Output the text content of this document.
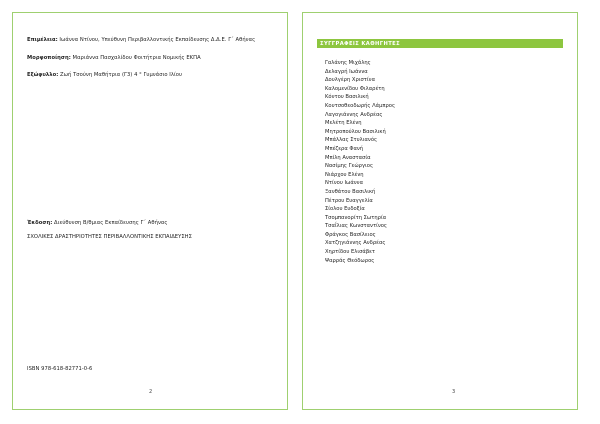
Επιμέλεια: Ιωάννα Ντίνου, Υπεύθυνη Περιβαλλοντικής Εκπαίδευσης Δ.Δ.Ε. Γ΄ Αθήνας
Μορφοποίηση: Μαριάννα Πασχαλίδου Φοιτήτρια Νομικής ΕΚΠΑ
Εξώφυλλο: Ζωή Τσούνη Μαθήτρια (Γ3) 4 ° Γυμνάσιο Ιλίου
Έκδοση: Διεύθυνση Β/θμιας Εκπαίδευσης Γ΄ Αθήνας
ΣΧΟΛΙΚΕΣ ΔΡΑΣΤΗΡΙΟΤΗΤΕΣ ΠΕΡΙΒΑΛΛΟΝΤΙΚΗΣ ΕΚΠΑΙΔΕΥΣΗΣ
ISBN 978-618-82771-0-6
2
ΣΥΓΓΡΑΦΕΙΣ ΚΑΘΗΓΗΤΕΣ
Γαλάνης Μιχάλης
Δελαγρή Ιωάννα
Δουλγέρη Χριστίνα
Καλομενίδου Φιλαρέτη
Κόντου Βασιλική
Κουτσοθεοδωρής Λάμπρος
Λαγογιάννης Ανδρέας
Μελέτη Ελένη
Μητροπούλου Βασιλική
Μπάλλας Στυλιανός
Μπέζερα Φανή
Μπίλη Αναστασία
Νασίμης Γεώργιος
Νιάρχου Ελένη
Ντίνου Ιωάννα
Ξανθάτου Βασιλική
Πέτρου Ευαγγελία
Σίολου Ευδοξία
Τσομπανορίτη Σωτηρία
Τσαΐλιας Κωνσταντίνος
Φράγκος Βασίλειος
Χατζηγιάννης Ανδρέας
Χηρτίδου Ελισάβετ
Ψαρράς Θεόδωρος
3
